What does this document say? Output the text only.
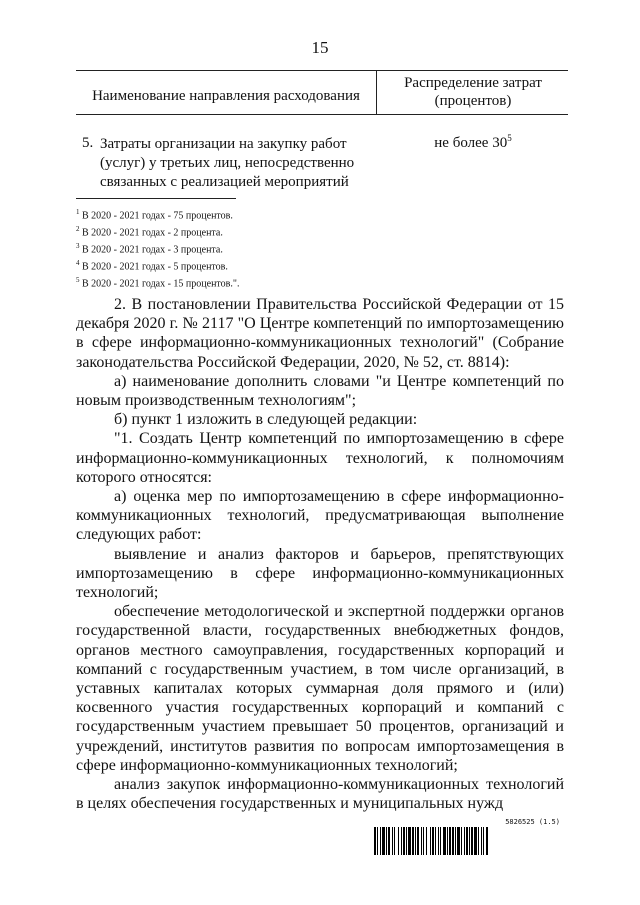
15
Наименование направления расходования
Распределение затрат
(процентов)
5. Затраты организации на закупку работ (услуг) у третьих лиц, непосредственно связанных с реализацией мероприятий
не более $30^5$
$^1$ В 2020 - 2021 годах - 75 процентов.
$^2$ В 2020 - 2021 годах - 2 процента.
$^3$ В 2020 - 2021 годах - 3 процента.
$^4$ В 2020 - 2021 годах - 5 процентов.
$^5$ В 2020 - 2021 годах - 15 процентов.".

2. В постановлении Правительства Российской Федерации от 15 декабря 2020 г. № 2117 "О Центре компетенций по импортозамещению в сфере информационно-коммуникационных технологий" (Собрание законодательства Российской Федерации, 2020, № 52, ст. 8814):

а) наименование дополнить словами "и Центре компетенций по новым производственным технологиям";

б) пункт 1 изложить в следующей редакции:

"1. Создать Центр компетенций по импортозамещению в сфере информационно-коммуникационных технологий, к полномочиям которого относятся:

а) оценка мер по импортозамещению в сфере информационно-коммуникационных технологий, предусматривающая выполнение следующих работ:

выявление и анализ факторов и барьеров, препятствующих импортозамещению в сфере информационно-коммуникационных технологий;

обеспечение методологической и экспертной поддержки органов государственной власти, государственных внебюджетных фондов, органов местного самоуправления, государственных корпораций и компаний с государственным участием, в том числе организаций, в уставных капиталах которых суммарная доля прямого и (или) косвенного участия государственных корпораций и компаний с государственным участием превышает 50 процентов, организаций и учреждений, институтов развития по вопросам импортозамещения в сфере информационно-коммуникационных технологий;

анализ закупок информационно-коммуникационных технологий в целях обеспечения государственных и муниципальных нужд

5826525 (1.5)
